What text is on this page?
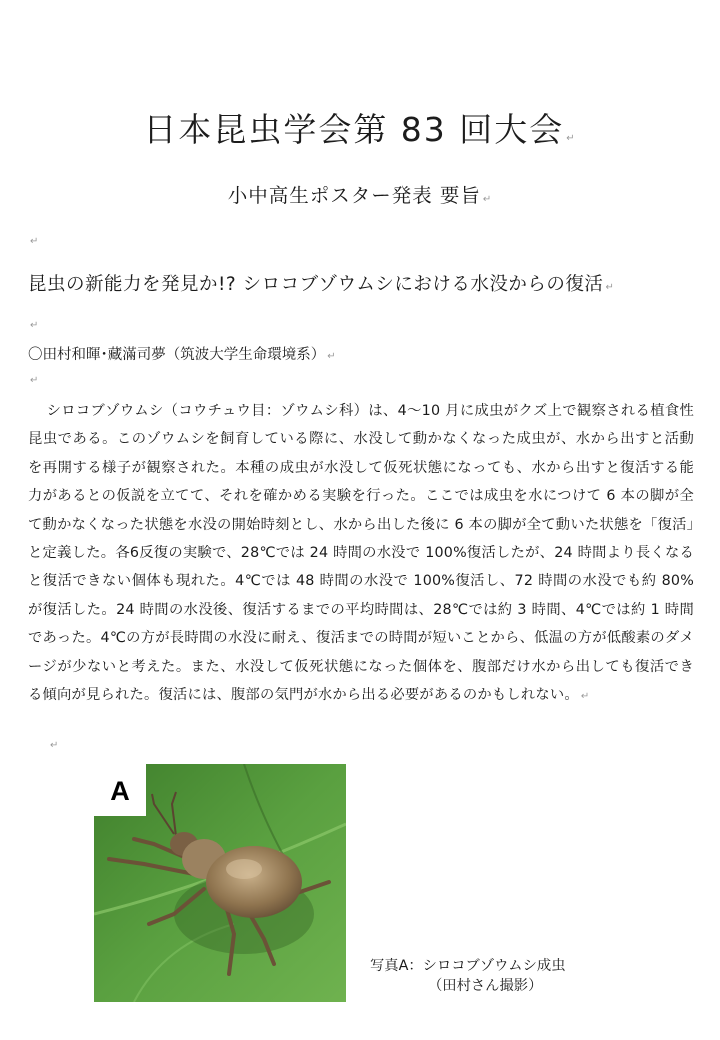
日本昆虫学会第 83 回大会 ↵
小中高生ポスター発表 要旨 ↵
↵
昆虫の新能力を発見か!? シロコブゾウムシにおける水没からの復活 ↵
↵
〇田村和暉･藏滿司夢（筑波大学生命環境系） ↵
↵
シロコブゾウムシ（コウチュウ目：ゾウムシ科）は、4～10 月に成虫がクズ上で観察される植食性昆虫である。このゾウムシを飼育している際に、水没して動かなくなった成虫が、水から出すと活動を再開する様子が観察された。本種の成虫が水没して仮死状態になっても、水から出すと復活する能力があるとの仮説を立てて、それを確かめる実験を行った。ここでは成虫を水につけて 6 本の脚が全て動かなくなった状態を水没の開始時刻とし、水から出した後に 6 本の脚が全て動いた状態を「復活」と定義した。各6反復の実験で、28℃では 24 時間の水没で 100%復活したが、24 時間より長くなると復活できない個体も現れた。4℃では 48 時間の水没で 100%復活し、72 時間の水没でも約 80%が復活した。24 時間の水没後、復活するまでの平均時間は、28℃では約 3 時間、4℃では約 1 時間であった。4℃の方が長時間の水没に耐え、復活までの時間が短いことから、低温の方が低酸素のダメージが少ないと考えた。また、水没して仮死状態になった個体を、腹部だけ水から出しても復活できる傾向が見られた。復活には、腹部の気門が水から出る必要があるのかもしれない。 ↵
↵
A
写真A：シロコブゾウムシ成虫
（田村さん撮影）
